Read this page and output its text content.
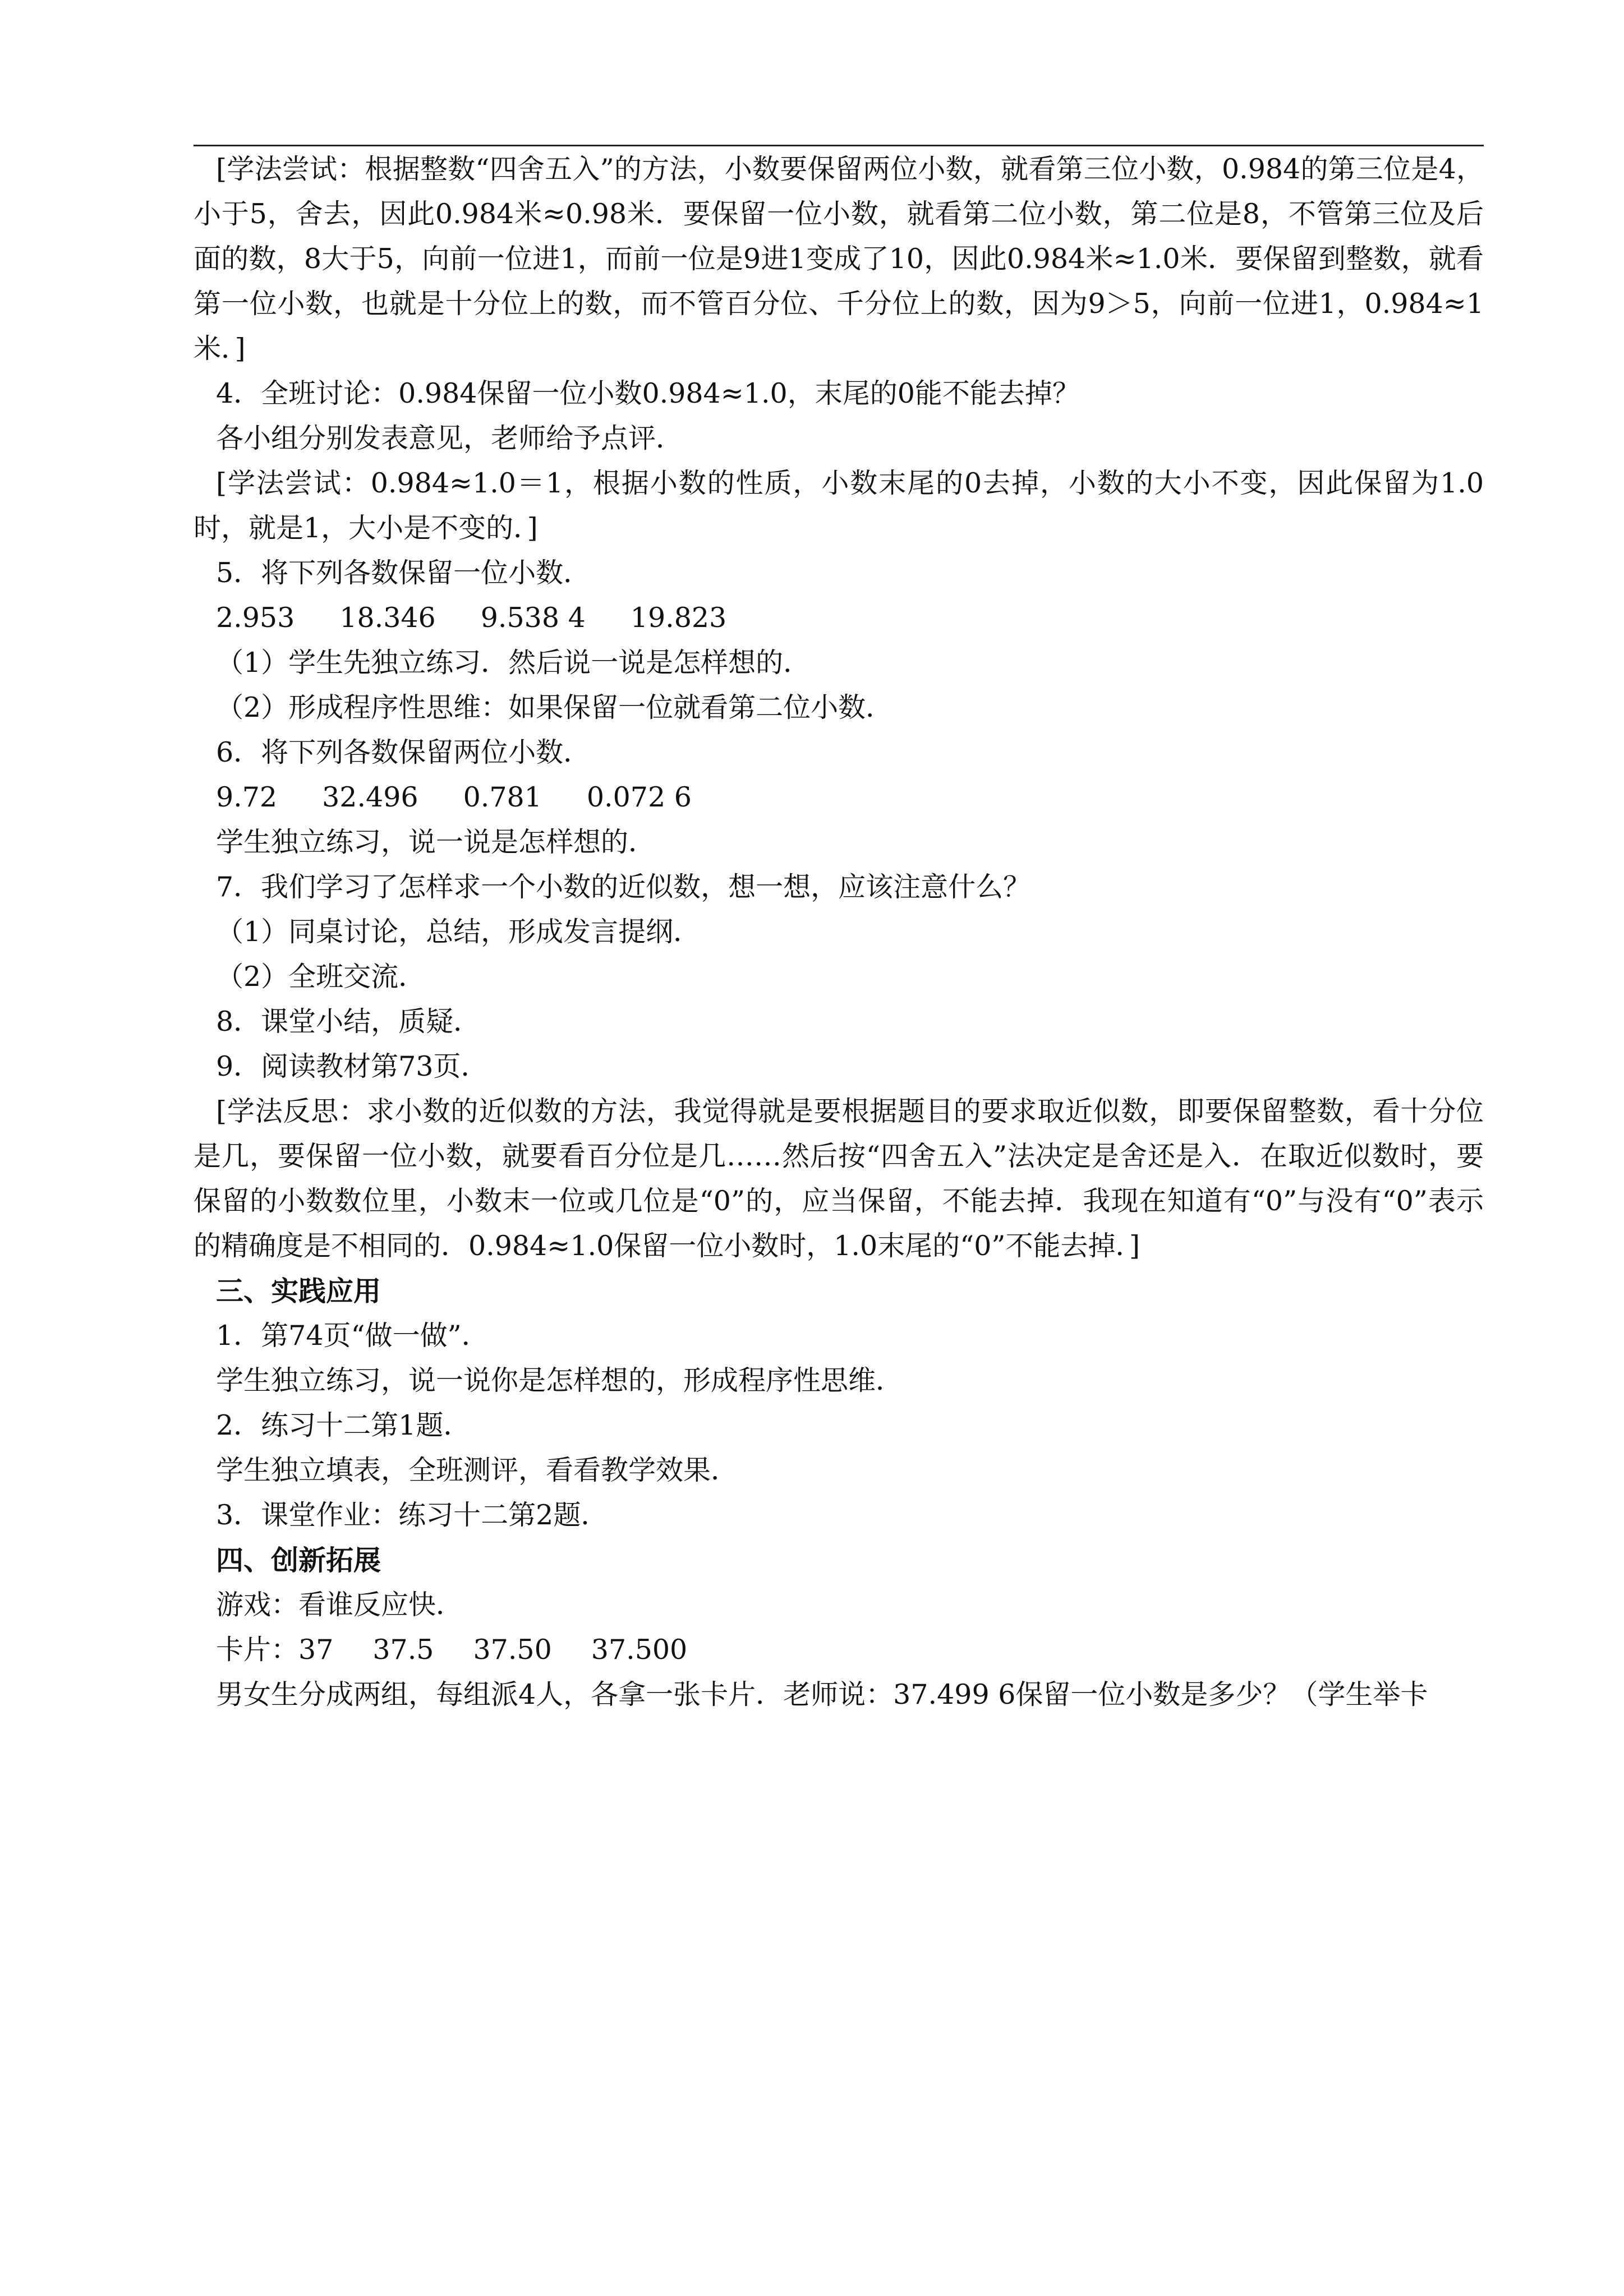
[学法尝试：根据整数“四舍五入”的方法，小数要保留两位小数，就看第三位小数，0.984的第三位是4，小于5，舍去，因此0.984米≈0.98米．要保留一位小数，就看第二位小数，第二位是8，不管第三位及后面的数，8大于5，向前一位进1，而前一位是9进1变成了10，因此0.984米≈1.0米．要保留到整数，就看第一位小数，也就是十分位上的数，而不管百分位、千分位上的数，因为9＞5，向前一位进1，0.984≈1米．]

4．全班讨论：0.984保留一位小数0.984≈1.0，末尾的0能不能去掉？

各小组分别发表意见，老师给予点评．

[学法尝试：0.984≈1.0＝1，根据小数的性质，小数末尾的0去掉，小数的大小不变，因此保留为1.0时，就是1，大小是不变的．]

5．将下列各数保留一位小数．

2.953 18.346 9.538 4 19.823

（1）学生先独立练习．然后说一说是怎样想的．

（2）形成程序性思维：如果保留一位就看第二位小数．

6．将下列各数保留两位小数．

9.72 32.496 0.781 0.072 6

学生独立练习，说一说是怎样想的．

7．我们学习了怎样求一个小数的近似数，想一想，应该注意什么？

（1）同桌讨论，总结，形成发言提纲．

（2）全班交流．

8．课堂小结，质疑．

9．阅读教材第73页．

[学法反思：求小数的近似数的方法，我觉得就是要根据题目的要求取近似数，即要保留整数，看十分位是几，要保留一位小数，就要看百分位是几……然后按“四舍五入”法决定是舍还是入．在取近似数时，要保留的小数数位里，小数末一位或几位是“0”的，应当保留，不能去掉．我现在知道有“0”与没有“0”表示的精确度是不相同的．0.984≈1.0保留一位小数时，1.0末尾的“0”不能去掉．]

三、实践应用

1．第74页“做一做”．

学生独立练习，说一说你是怎样想的，形成程序性思维．

2．练习十二第1题．

学生独立填表，全班测评，看看教学效果．

3．课堂作业：练习十二第2题．

四、创新拓展

游戏：看谁反应快．

卡片：37 37.5 37.50 37.500

男女生分成两组，每组派4人，各拿一张卡片．老师说：37.499 6保留一位小数是多少？（学生举卡
